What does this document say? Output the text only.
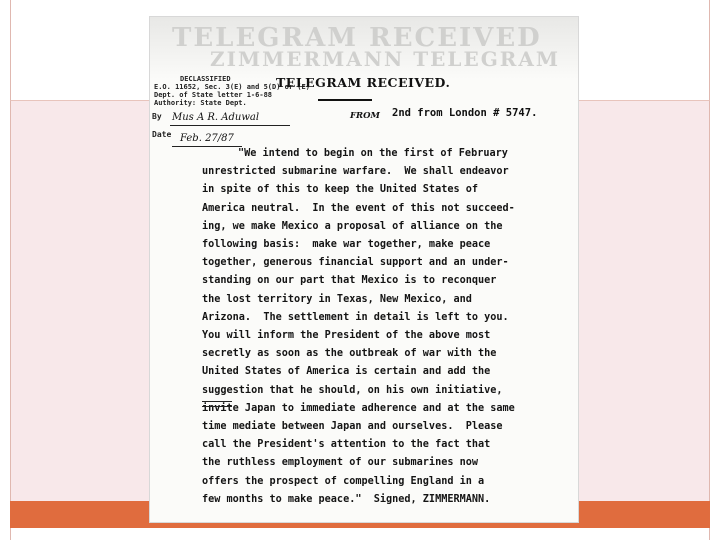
TELEGRAM RECEIVED
ZIMMERMANN TELEGRAM
DECLASSIFIED
E.O. 11652, Sec. 3(E) and 5(D) or (E)
Dept. of State letter 1-6-88
Authority: State Dept.
By
Date
TELEGRAM RECEIVED.
Mus A R. Aduwal
Feb. 27/87
FROM 2nd from London # 5747.
"We intend to begin on the first of February
unrestricted submarine warfare.  We shall endeavor
in spite of this to keep the United States of
America neutral.  In the event of this not succeed-
ing, we make Mexico a proposal of alliance on the
following basis:  make war together, make peace
together, generous financial support and an under-
standing on our part that Mexico is to reconquer
the lost territory in Texas, New Mexico, and
Arizona.  The settlement in detail is left to you.
You will inform the President of the above most
secretly as soon as the outbreak of war with the
United States of America is certain and add the
suggestion that he should, on his own initiative,
invite Japan to immediate adherence and at the same
time mediate between Japan and ourselves.  Please
call the President's attention to the fact that
the ruthless employment of our submarines now
offers the prospect of compelling England in a
few months to make peace."  Signed, ZIMMERMANN.
